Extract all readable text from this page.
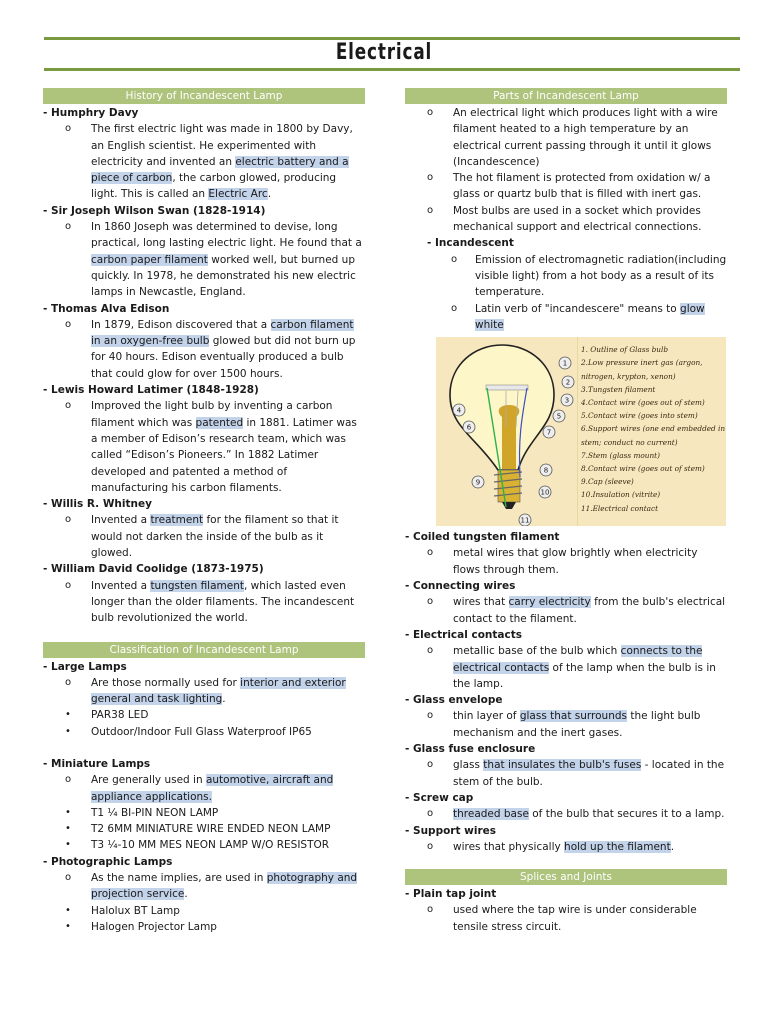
Electrical
History of Incandescent Lamp
- Humphry Davy
o The first electric light was made in 1800 by Davy, an English scientist. He experimented with electricity and invented an electric battery and a piece of carbon, the carbon glowed, producing light. This is called an Electric Arc.
- Sir Joseph Wilson Swan (1828-1914)
o In 1860 Joseph was determined to devise, long practical, long lasting electric light. He found that a carbon paper filament worked well, but burned up quickly. In 1978, he demonstrated his new electric lamps in Newcastle, England.
- Thomas Alva Edison
o In 1879, Edison discovered that a carbon filament in an oxygen-free bulb glowed but did not burn up for 40 hours. Edison eventually produced a bulb that could glow for over 1500 hours.
- Lewis Howard Latimer (1848-1928)
o Improved the light bulb by inventing a carbon filament which was patented in 1881. Latimer was a member of Edison’s research team, which was called “Edison’s Pioneers.” In 1882 Latimer developed and patented a method of manufacturing his carbon filaments.
- Willis R. Whitney
o Invented a treatment for the filament so that it would not darken the inside of the bulb as it glowed.
- William David Coolidge (1873-1975)
o Invented a tungsten filament, which lasted even longer than the older filaments. The incandescent bulb revolutionized the world.
Classification of Incandescent Lamp
- Large Lamps
o Are those normally used for interior and exterior general and task lighting.
• PAR38 LED
• Outdoor/Indoor Full Glass Waterproof IP65
- Miniature Lamps
o Are generally used in automotive, aircraft and appliance applications.
• T1 ¼ BI-PIN NEON LAMP
• T2 6MM MINIATURE WIRE ENDED NEON LAMP
• T3 ¼-10 MM MES NEON LAMP W/O RESISTOR
- Photographic Lamps
o As the name implies, are used in photography and projection service.
• Halolux BT Lamp
• Halogen Projector Lamp
Parts of Incandescent Lamp
o An electrical light which produces light with a wire filament heated to a high temperature by an electrical current passing through it until it glows (Incandescence)
o The hot filament is protected from oxidation w/ a glass or quartz bulb that is filled with inert gas.
o Most bulbs are used in a socket which provides mechanical support and electrical connections.
- Incandescent
o Emission of electromagnetic radiation(including visible light) from a hot body as a result of its temperature.
o Latin verb of "incandescere" means to glow white
1
2
3
4
5
6
7
8
9
10
11
1. Outline of Glass bulb
2.Low pressure inert gas (argon,
nitrogen, krypton, xenon)
3.Tungsten filament
4.Contact wire (goes out of stem)
5.Contact wire (goes into stem)
6.Support wires (one end embedded in
stem; conduct no current)
7.Stem (glass mount)
8.Contact wire (goes out of stem)
9.Cap (sleeve)
10.Insulation (vitrite)
11.Electrical contact
- Coiled tungsten filament
o metal wires that glow brightly when electricity flows through them.
- Connecting wires
o wires that carry electricity from the bulb's electrical contact to the filament.
- Electrical contacts
o metallic base of the bulb which connects to the electrical contacts of the lamp when the bulb is in the lamp.
- Glass envelope
o thin layer of glass that surrounds the light bulb mechanism and the inert gases.
- Glass fuse enclosure
o glass that insulates the bulb's fuses - located in the stem of the bulb.
- Screw cap
o threaded base of the bulb that secures it to a lamp.
- Support wires
o wires that physically hold up the filament.
Splices and Joints
- Plain tap joint
o used where the tap wire is under considerable tensile stress circuit.
